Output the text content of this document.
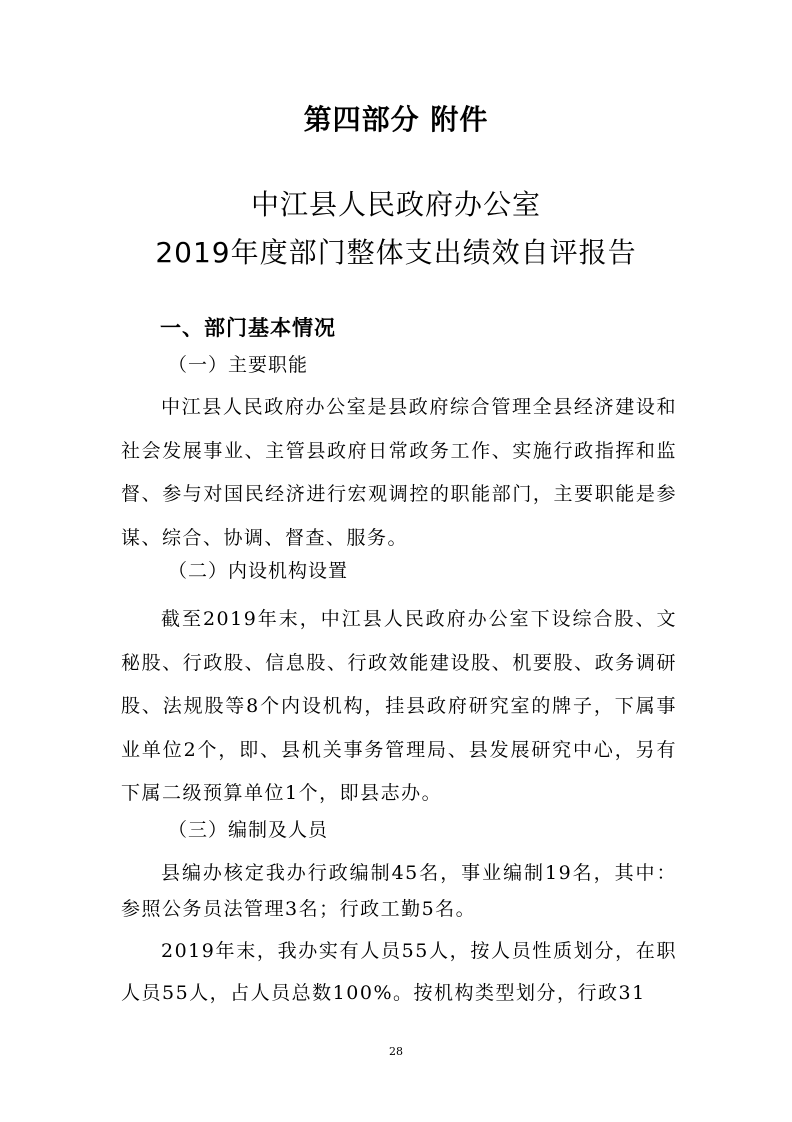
第四部分 附件
中江县人民政府办公室
2019年度部门整体支出绩效自评报告
一、部门基本情况
（一）主要职能

中江县人民政府办公室是县政府综合管理全县经济建设和社会发展事业、主管县政府日常政务工作、实施行政指挥和监督、参与对国民经济进行宏观调控的职能部门，主要职能是参谋、综合、协调、督查、服务。

（二）内设机构设置

截至2019年末，中江县人民政府办公室下设综合股、文秘股、行政股、信息股、行政效能建设股、机要股、政务调研股、法规股等8个内设机构，挂县政府研究室的牌子，下属事业单位2个，即、县机关事务管理局、县发展研究中心，另有下属二级预算单位1个，即县志办。

（三）编制及人员

县编办核定我办行政编制45名，事业编制19名，其中：参照公务员法管理3名；行政工勤5名。

2019年末，我办实有人员55人，按人员性质划分，在职人员55人，占人员总数100%。按机构类型划分，行政31

28
